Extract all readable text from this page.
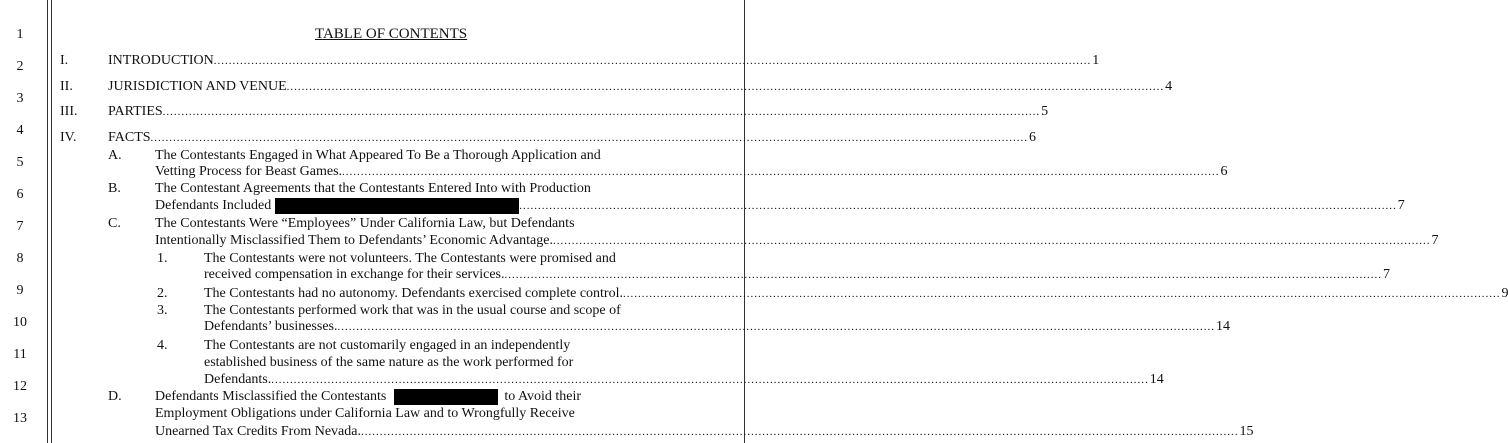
1
2
3
4
5
6
7
8
9
10
11
12
13
TABLE OF CONTENTS
I.	INTRODUCTION .......................................................................................................................................................................................................................................... 1
II.	JURISDICTION AND VENUE .......................................................................................................................................................................................................................................... 4
III. PARTIES .......................................................................................................................................................................................................................................... 5
IV. FACTS .......................................................................................................................................................................................................................................... 6
A. The Contestants Engaged in What Appeared To Be a Thorough Application and
Vetting Process for Beast Games. .......................................................................................................................................................................................................................................... 6
B. The Contestant Agreements that the Contestants Entered Into with Production
Defendants Included	.......................................................................................................................................................................................................................................... 7
C. The Contestants Were “Employees” Under California Law, but Defendants
Intentionally Misclassified Them to Defendants’ Economic Advantage. .......................................................................................................................................................................................................................................... 7
1.	The Contestants were not volunteers. The Contestants were promised and
received compensation in exchange for their services. .......................................................................................................................................................................................................................................... 7
2.	The Contestants had no autonomy. Defendants exercised complete control. .......................................................................................................................................................................................................................................... 9
3.	The Contestants performed work that was in the usual course and scope of
Defendants’ businesses. .......................................................................................................................................................................................................................................... 14
4.	The Contestants are not customarily engaged in an independently
established business of the same nature as the work performed for
Defendants. .......................................................................................................................................................................................................................................... 14
D. Defendants Misclassified the Contestants	to Avoid their
Employment Obligations under California Law and to Wrongfully Receive
Unearned Tax Credits From Nevada. .......................................................................................................................................................................................................................................... 15
